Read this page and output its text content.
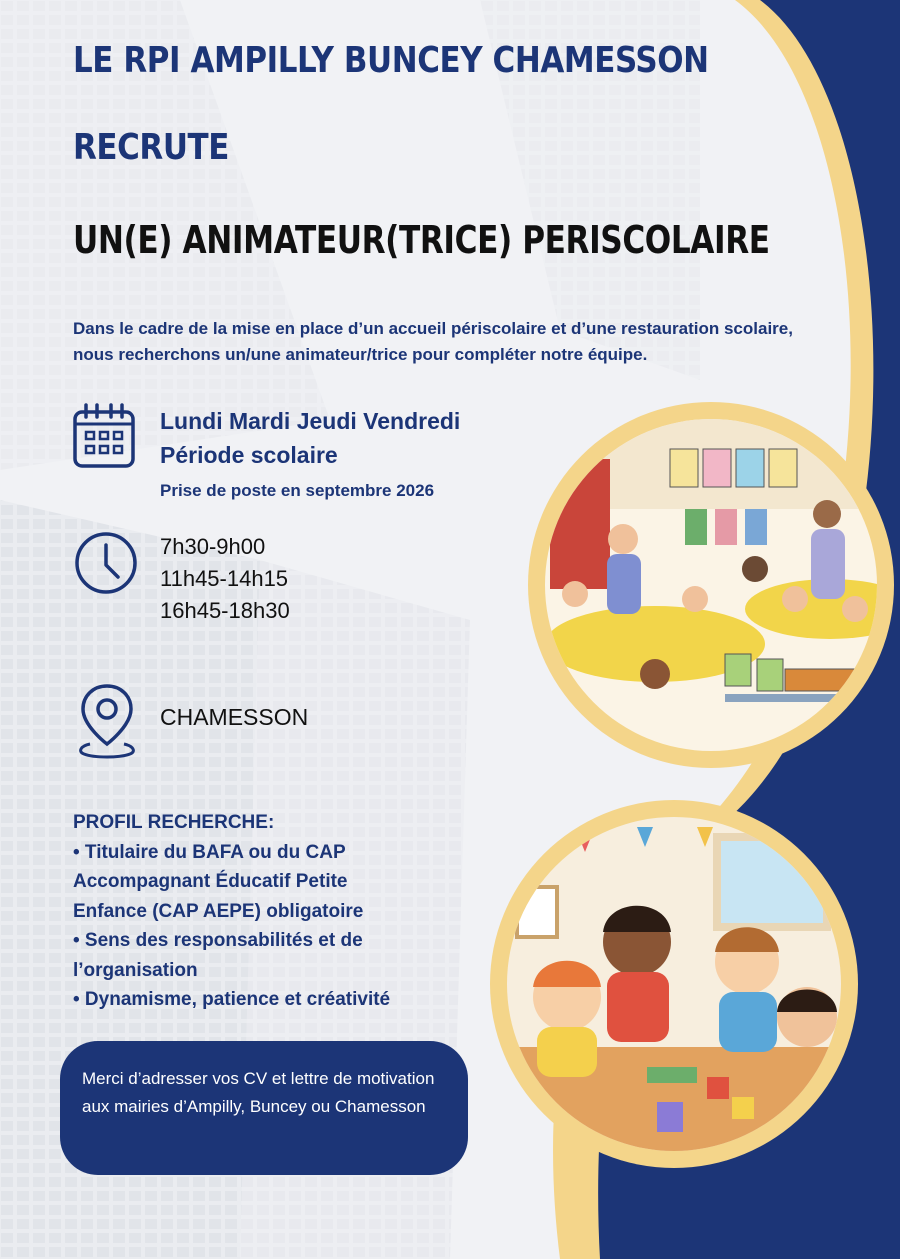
LE RPI AMPILLY BUNCEY CHAMESSON
RECRUTE
UN(E) ANIMATEUR(TRICE) PERISCOLAIRE

Dans le cadre de la mise en place d’un accueil périscolaire et d’une restauration scolaire, nous recherchons un/une animateur/trice pour compléter notre équipe.

Lundi Mardi Jeudi Vendredi
Période scolaire
Prise de poste en septembre 2026
7h30-9h00
11h45-14h15
16h45-18h30
CHAMESSON
PROFIL RECHERCHE:
• Titulaire du BAFA ou du CAP
Accompagnant Éducatif Petite
Enfance (CAP AEPE) obligatoire
• Sens des responsabilités et de
l’organisation
• Dynamisme, patience et créativité

Merci d’adresser vos CV et lettre de motivation aux mairies d’Ampilly, Buncey ou Chamesson
